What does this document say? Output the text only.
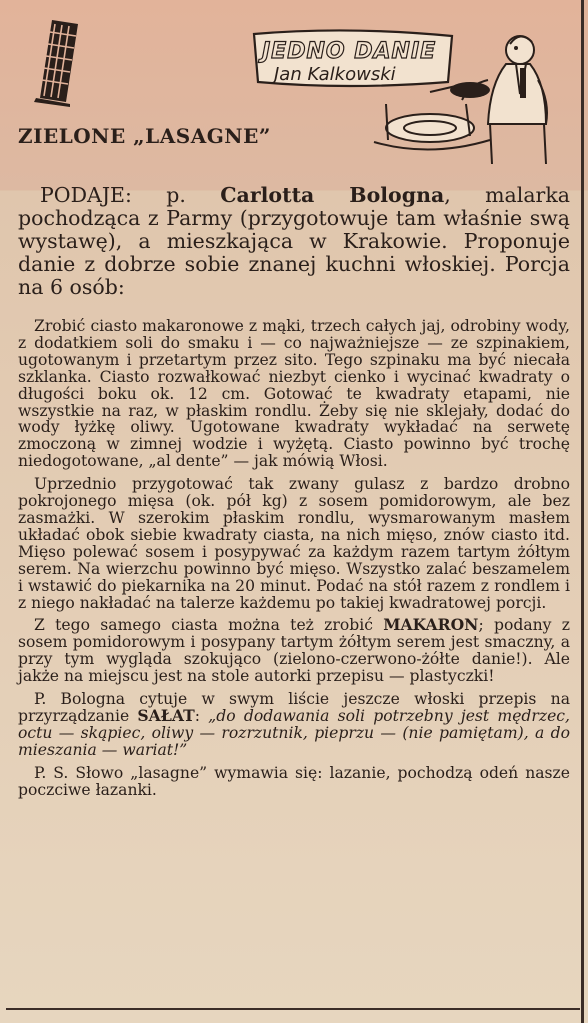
JEDNO DANIE
Jan Kalkowski
ZIELONE „LASAGNE”
PODAJE: p. Carlotta Bologna, malarka pochodząca z Parmy (przygotowuje tam właśnie swą wystawę), a mieszkająca w Krakowie. Proponuje danie z dobrze sobie znanej kuchni włoskiej. Porcja na 6 osób:

Zrobić ciasto makaronowe z mąki, trzech całych jaj, odrobiny wody, z dodatkiem soli do smaku i — co najważniejsze — ze szpinakiem, ugotowanym i przetartym przez sito. Tego szpinaku ma być niecała szklanka. Ciasto rozwałkować niezbyt cienko i wycinać kwadraty o długości boku ok. 12 cm. Gotować te kwadraty etapami, nie wszystkie na raz, w płaskim rondlu. Żeby się nie sklejały, dodać do wody łyżkę oliwy. Ugotowane kwadraty wykładać na serwetę zmoczoną w zimnej wodzie i wyżętą. Ciasto powinno być trochę niedogotowane, „al dente” — jak mówią Włosi.

Uprzednio przygotować tak zwany gulasz z bardzo drobno pokrojonego mięsa (ok. pół kg) z sosem pomidorowym, ale bez zasmażki. W szerokim płaskim rondlu, wysmarowanym masłem układać obok siebie kwadraty ciasta, na nich mięso, znów ciasto itd. Mięso polewać sosem i posypywać za każdym razem tartym żółtym serem. Na wierzchu powinno być mięso. Wszystko zalać beszamelem i wstawić do piekarnika na 20 minut. Podać na stół razem z rondlem i z niego nakładać na talerze każdemu po takiej kwadratowej porcji.

Z tego samego ciasta można też zrobić MAKARON; podany z sosem pomidorowym i posypany tartym żółtym serem jest smaczny, a przy tym wygląda szokująco (zielono-czerwono-żółte danie!). Ale jakże na miejscu jest na stole autorki przepisu — plastyczki!

P. Bologna cytuje w swym liście jeszcze włoski przepis na przyrządzanie SAŁAT: „do dodawania soli potrzebny jest mędrzec, octu — skąpiec, oliwy — rozrzutnik, pieprzu — (nie pamiętam), a do mieszania — wariat!”

P. S. Słowo „lasagne” wymawia się: lazanie, pochodzą odeń nasze poczciwe łazanki.
